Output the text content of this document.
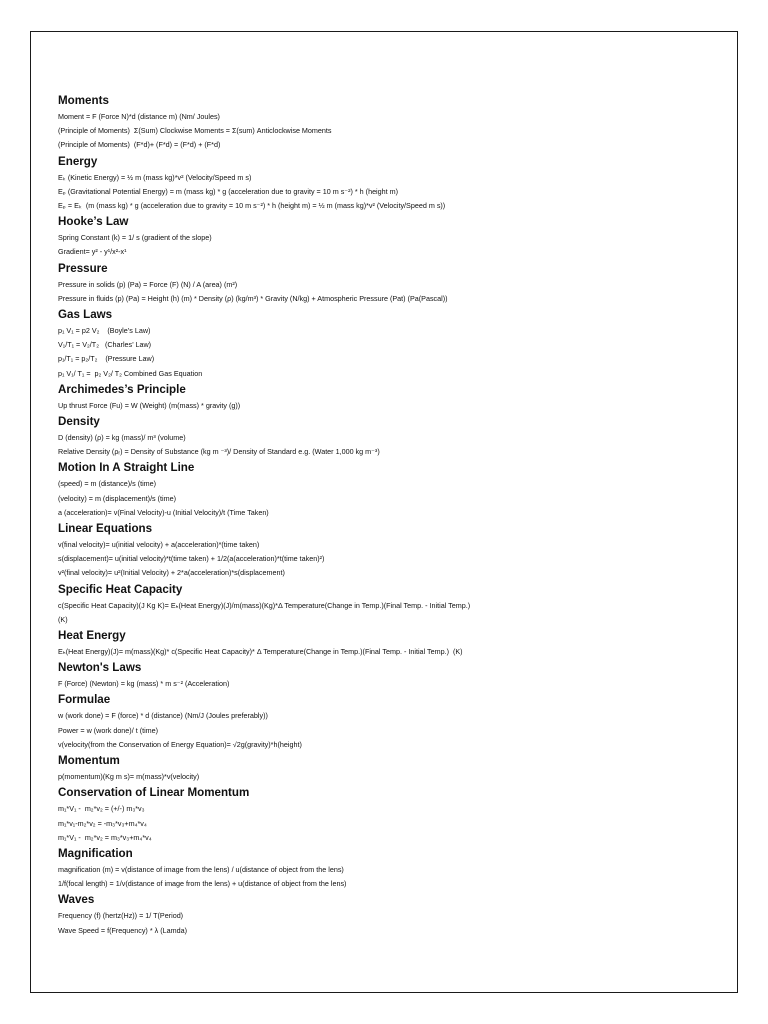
Moments
Moment = F (Force N)*d (distance m) (Nm/ Joules)
(Principle of Moments)  Σ(Sum) Clockwise Moments = Σ(sum) Anticlockwise Moments
(Principle of Moments)  (F*d)+ (F*d) = (F*d) + (F*d)
Energy
Eₖ (Kinetic Energy) = ½ m (mass kg)*v² (Velocity/Speed m s)
Eₚ (Gravitational Potential Energy) = m (mass kg) * g (acceleration due to gravity = 10 m s⁻²) * h (height m)
Eₚ = Eₖ  (m (mass kg) * g (acceleration due to gravity = 10 m s⁻²) * h (height m) = ½ m (mass kg)*v² (Velocity/Speed m s))
Hooke’s Law
Spring Constant (k) = 1/ s (gradient of the slope)
Gradient= y² - y¹/x²-x¹
Pressure
Pressure in solids (p) (Pa) = Force (F) (N) / A (area) (m²)
Pressure in fluids (p) (Pa) = Height (h) (m) * Density (ρ) (kg/m³) * Gravity (N/kg) + Atmospheric Pressure (Pat) (Pa(Pascal))
Gas Laws
p₁ V₁ = p2 V₂    (Boyle’s Law)
V₁/T₁ = V₂/T₂   (Charles’ Law)
p₁/T₁ = p₂/T₂    (Pressure Law)
p₁ V₁/ T₁ =  p₂ V₂/ T₂ Combined Gas Equation
Archimedes’s Principle
Up thrust Force (Fu) = W (Weight) (m(mass) * gravity (g))
Density
D (density) (ρ) = kg (mass)/ m³ (volume)
Relative Density (ρᵣ) = Density of Substance (kg m ⁻³)/ Density of Standard e.g. (Water 1,000 kg m⁻³)
Motion In A Straight Line
(speed) = m (distance)/s (time)
(velocity) = m (displacement)/s (time)
a (acceleration)= v(Final Velocity)-u (Initial Velocity)/t (Time Taken)
Linear Equations
v(final velocity)= u(initial velocity) + a(acceleration)*(time taken)
s(displacement)= u(initial velocity)*t(time taken) + 1/2(a(acceleration)*t(time taken)²)
v²(final velocity)= u²(Initial Velocity) + 2*a(acceleration)*s(displacement)
Specific Heat Capacity
c(Specific Heat Capacity)(J Kg K)= Eₕ(Heat Energy)(J)/m(mass)(Kg)*Δ Temperature(Change in Temp.)(Final Temp. - Initial Temp.)
(K)
Heat Energy
Eₕ(Heat Energy)(J)= m(mass)(Kg)* c(Specific Heat Capacity)* Δ Temperature(Change in Temp.)(Final Temp. - Initial Temp.)  (K)
Newton's Laws
F (Force) (Newton) = kg (mass) * m s⁻² (Acceleration)
Formulae
w (work done) = F (force) * d (distance) (Nm/J (Joules preferably))
Power = w (work done)/ t (time)
v(velocity(from the Conservation of Energy Equation)= √2g(gravity)*h(height)
Momentum
p(momentum)(Kg m s)= m(mass)*v(velocity)
Conservation of Linear Momentum
m₁*V₁ -  m₂*v₂ = (+/-) m₃*v₃
m₁*v₁-m₂*v₂ = -m₃*v₃+m₄*v₄
m₁*V₁ -  m₂*v₂ = m₃*v₃+m₄*v₄
Magnification
magnification (m) = v(distance of image from the lens) / u(distance of object from the lens)
1/f(focal length) = 1/v(distance of image from the lens) + u(distance of object from the lens)
Waves
Frequency (f) (hertz(Hz)) = 1/ T(Period)
Wave Speed = f(Frequency) * λ (Lamda)
